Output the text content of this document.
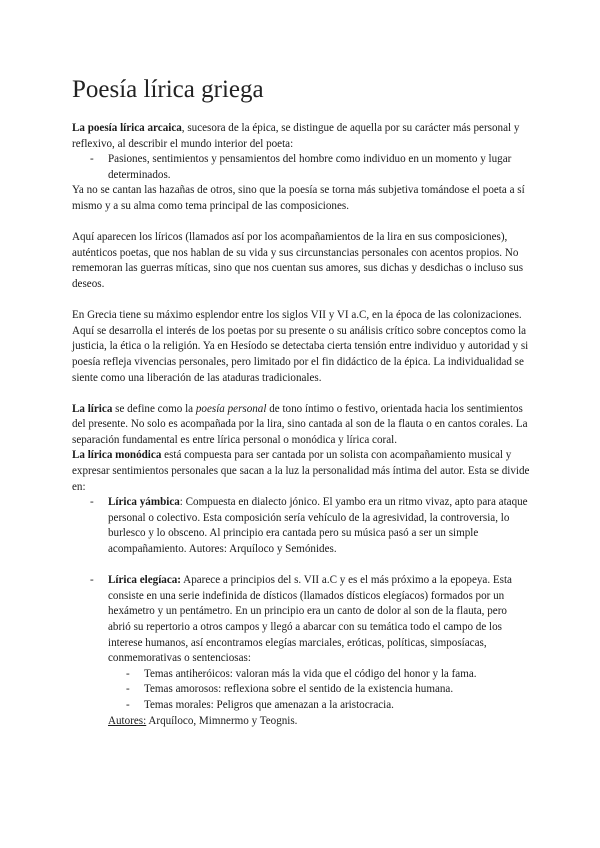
Poesía lírica griega

La poesía lírica arcaica, sucesora de la épica, se distingue de aquella por su carácter más personal y reflexivo, al describir el mundo interior del poeta:

- Pasiones, sentimientos y pensamientos del hombre como individuo en un momento y lugar determinados.

Ya no se cantan las hazañas de otros, sino que la poesía se torna más subjetiva tomándose el poeta a sí mismo y a su alma como tema principal de las composiciones.

Aquí aparecen los líricos (llamados así por los acompañamientos de la lira en sus composiciones), auténticos poetas, que nos hablan de su vida y sus circunstancias personales con acentos propios. No rememoran las guerras míticas, sino que nos cuentan sus amores, sus dichas y desdichas o incluso sus deseos.

En Grecia tiene su máximo esplendor entre los siglos VII y VI a.C, en la época de las colonizaciones. Aquí se desarrolla el interés de los poetas por su presente o su análisis crítico sobre conceptos como la justicia, la ética o la religión. Ya en Hesíodo se detectaba cierta tensión entre individuo y autoridad y si poesía refleja vivencias personales, pero limitado por el fin didáctico de la épica. La individualidad se siente como una liberación de las ataduras tradicionales.

La lírica se define como la poesía personal de tono íntimo o festivo, orientada hacia los sentimientos del presente. No solo es acompañada por la lira, sino cantada al son de la flauta o en cantos corales. La separación fundamental es entre lírica personal o monódica y lírica coral.

La lírica monódica está compuesta para ser cantada por un solista con acompañamiento musical y expresar sentimientos personales que sacan a la luz la personalidad más íntima del autor. Esta se divide en:

- Lírica yámbica: Compuesta en dialecto jónico. El yambo era un ritmo vivaz, apto para ataque personal o colectivo. Esta composición sería vehículo de la agresividad, la controversia, lo burlesco y lo obsceno. Al principio era cantada pero su música pasó a ser un simple acompañamiento. Autores: Arquíloco y Semónides.
- Lírica elegíaca: Aparece a principios del s. VII a.C y es el más próximo a la epopeya. Esta consiste en una serie indefinida de dísticos (llamados dísticos elegíacos) formados por un hexámetro y un pentámetro. En un principio era un canto de dolor al son de la flauta, pero abrió su repertorio a otros campos y llegó a abarcar con su temática todo el campo de los interese humanos, así encontramos elegías marciales, eróticas, políticas, simposíacas, conmemorativas o sentenciosas:
- Temas antiheróicos: valoran más la vida que el código del honor y la fama.
- Temas amorosos: reflexiona sobre el sentido de la existencia humana.
- Temas morales: Peligros que amenazan a la aristocracia.

Autores: Arquíloco, Mimnermo y Teognis.
